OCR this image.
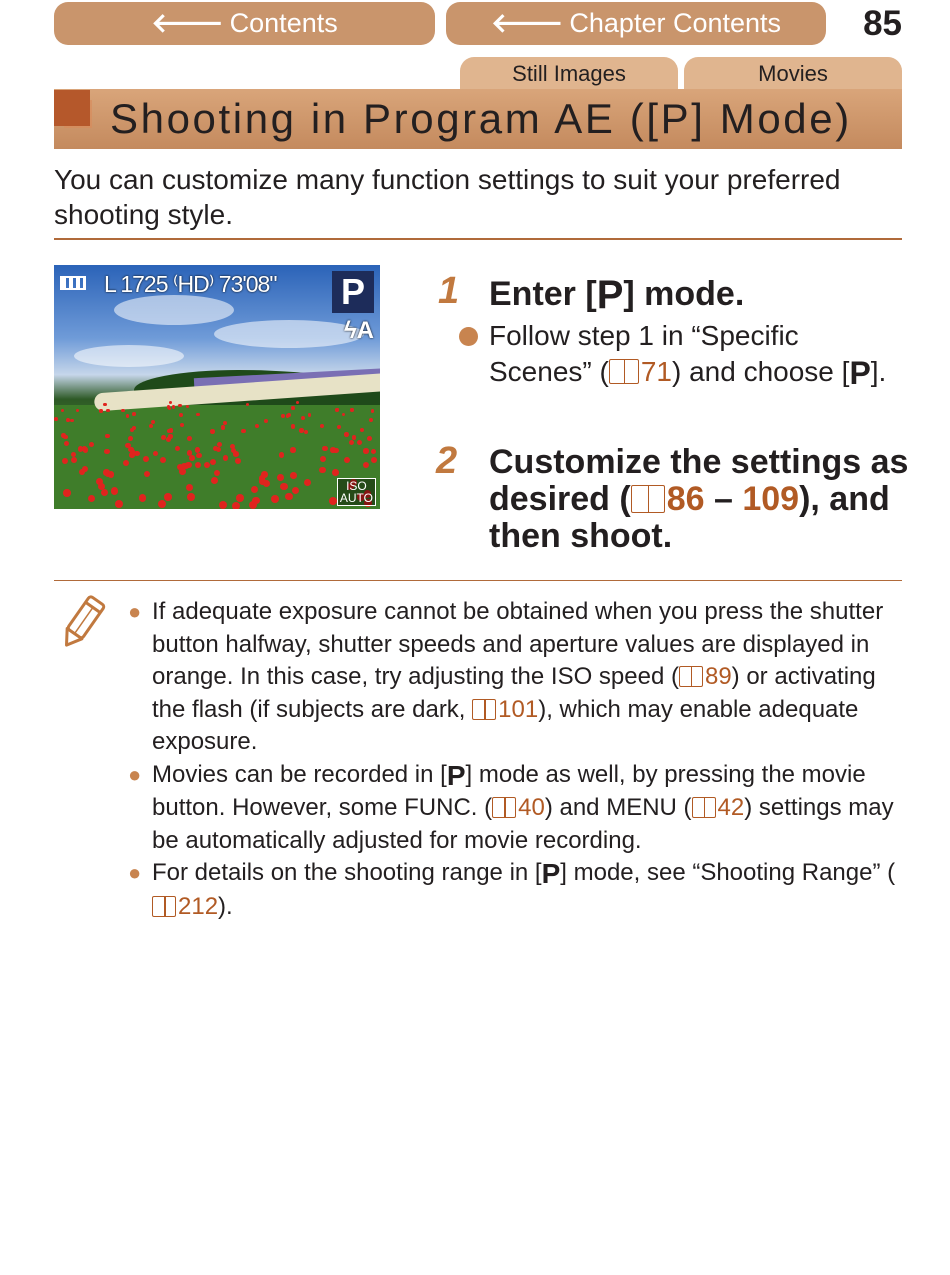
🡐 Contents	🡐 Chapter Contents	85
Still Images	Movies
Shooting in Program AE ([P] Mode)
You can customize many function settings to suit your preferred shooting style.
L 1725 ⁽HD⁾ 73'08" P
ϟA
ISO
AUTO
1 Enter [P] mode.
Follow step 1 in “Specific Scenes” ( 71) and choose [P].
2 Customize the settings as desired ( 86 – 109), and then shoot.
● If adequate exposure cannot be obtained when you press the shutter button halfway, shutter speeds and aperture values are displayed in orange. In this case, try adjusting the ISO speed ( 89) or activating the flash (if subjects are dark, 101), which may enable adequate exposure.
● Movies can be recorded in [P] mode as well, by pressing the movie button. However, some FUNC. ( 40) and MENU ( 42) settings may be automatically adjusted for movie recording.
● For details on the shooting range in [P] mode, see “Shooting Range” (212).
